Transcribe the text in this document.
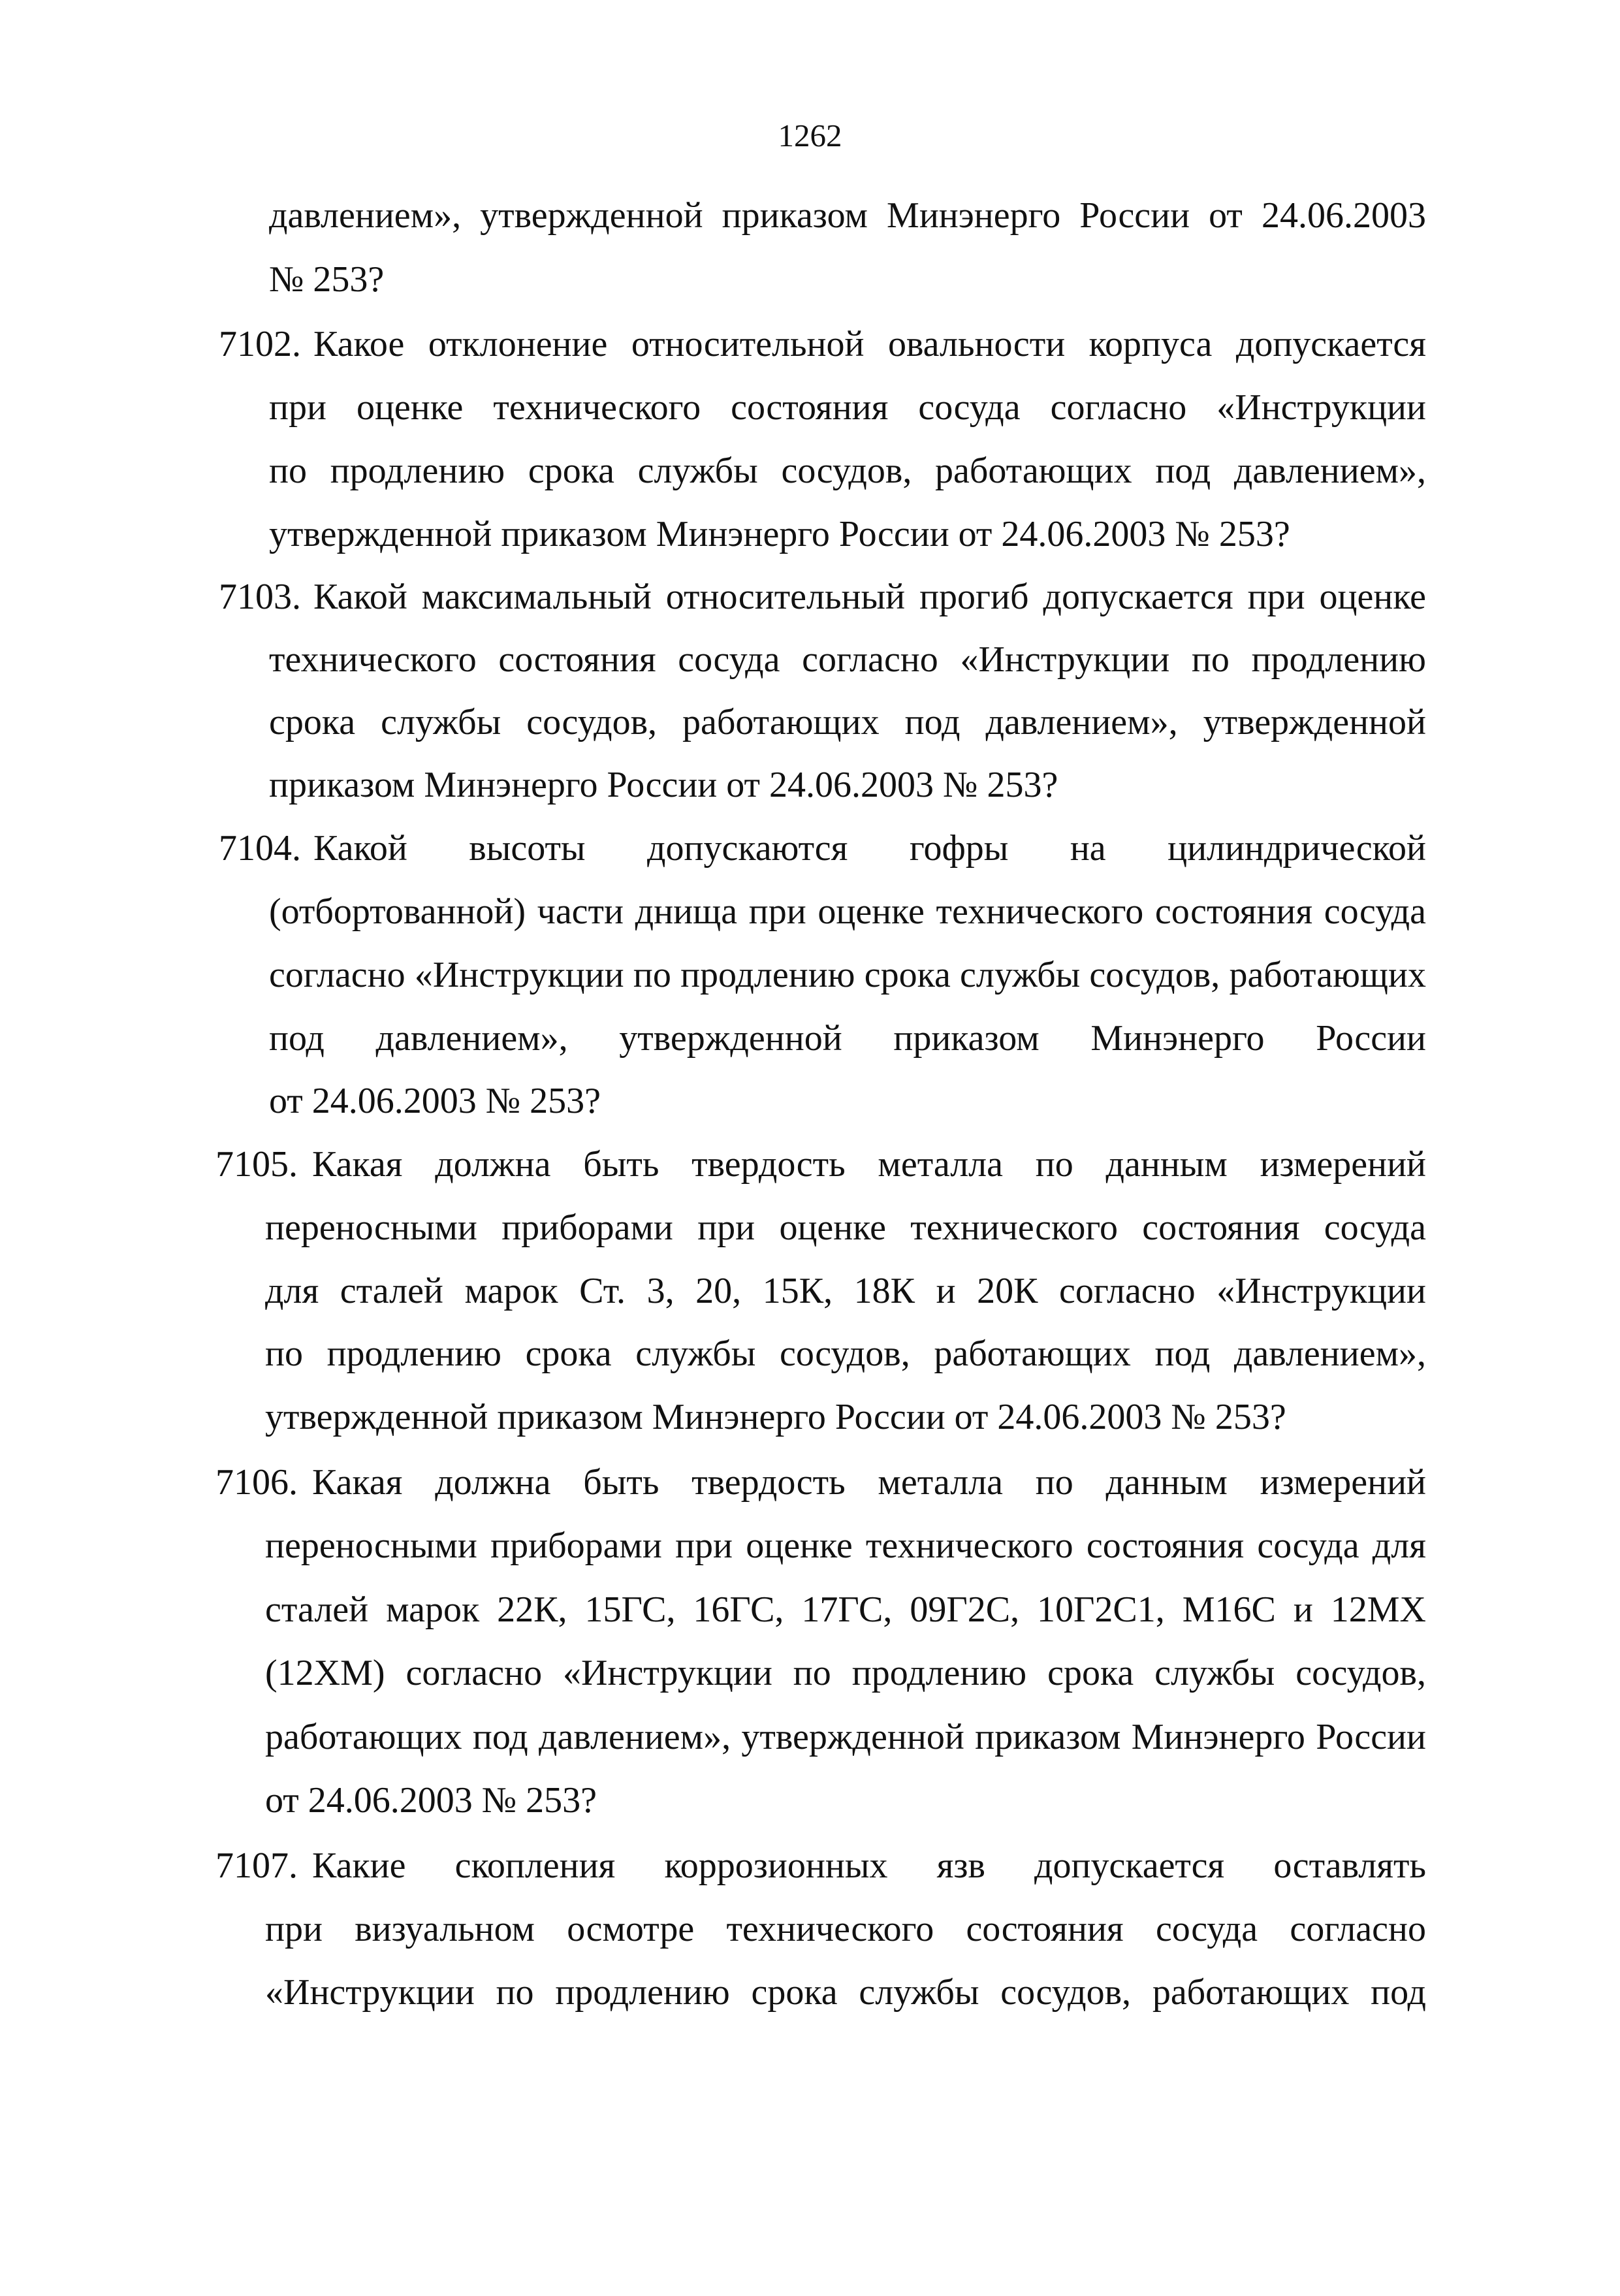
1262
давлением», утвержденной приказом Минэнерго России от 24.06.2003
№ 253?
7102. Какое отклонение относительной овальности корпуса допускается
при оценке технического состояния сосуда согласно «Инструкции
по продлению срока службы сосудов, работающих под давлением»,
утвержденной приказом Минэнерго России от 24.06.2003 № 253?
7103. Какой максимальный относительный прогиб допускается при оценке
технического состояния сосуда согласно «Инструкции по продлению
срока службы сосудов, работающих под давлением», утвержденной
приказом Минэнерго России от 24.06.2003 № 253?
7104. Какой высоты допускаются гофры на цилиндрической
(отбортованной) части днища при оценке технического состояния сосуда
согласно «Инструкции по продлению срока службы сосудов, работающих
под давлением», утвержденной приказом Минэнерго России
от 24.06.2003 № 253?
7105. Какая должна быть твердость металла по данным измерений
переносными приборами при оценке технического состояния сосуда
для сталей марок Ст. 3, 20, 15К, 18К и 20К согласно «Инструкции
по продлению срока службы сосудов, работающих под давлением»,
утвержденной приказом Минэнерго России от 24.06.2003 № 253?
7106. Какая должна быть твердость металла по данным измерений
переносными приборами при оценке технического состояния сосуда для
сталей марок 22К, 15ГС, 16ГС, 17ГС, 09Г2С, 10Г2С1, М16С и 12МХ
(12ХМ) согласно «Инструкции по продлению срока службы сосудов,
работающих под давлением», утвержденной приказом Минэнерго России
от 24.06.2003 № 253?
7107. Какие скопления коррозионных язв допускается оставлять
при визуальном осмотре технического состояния сосуда согласно
«Инструкции по продлению срока службы сосудов, работающих под
